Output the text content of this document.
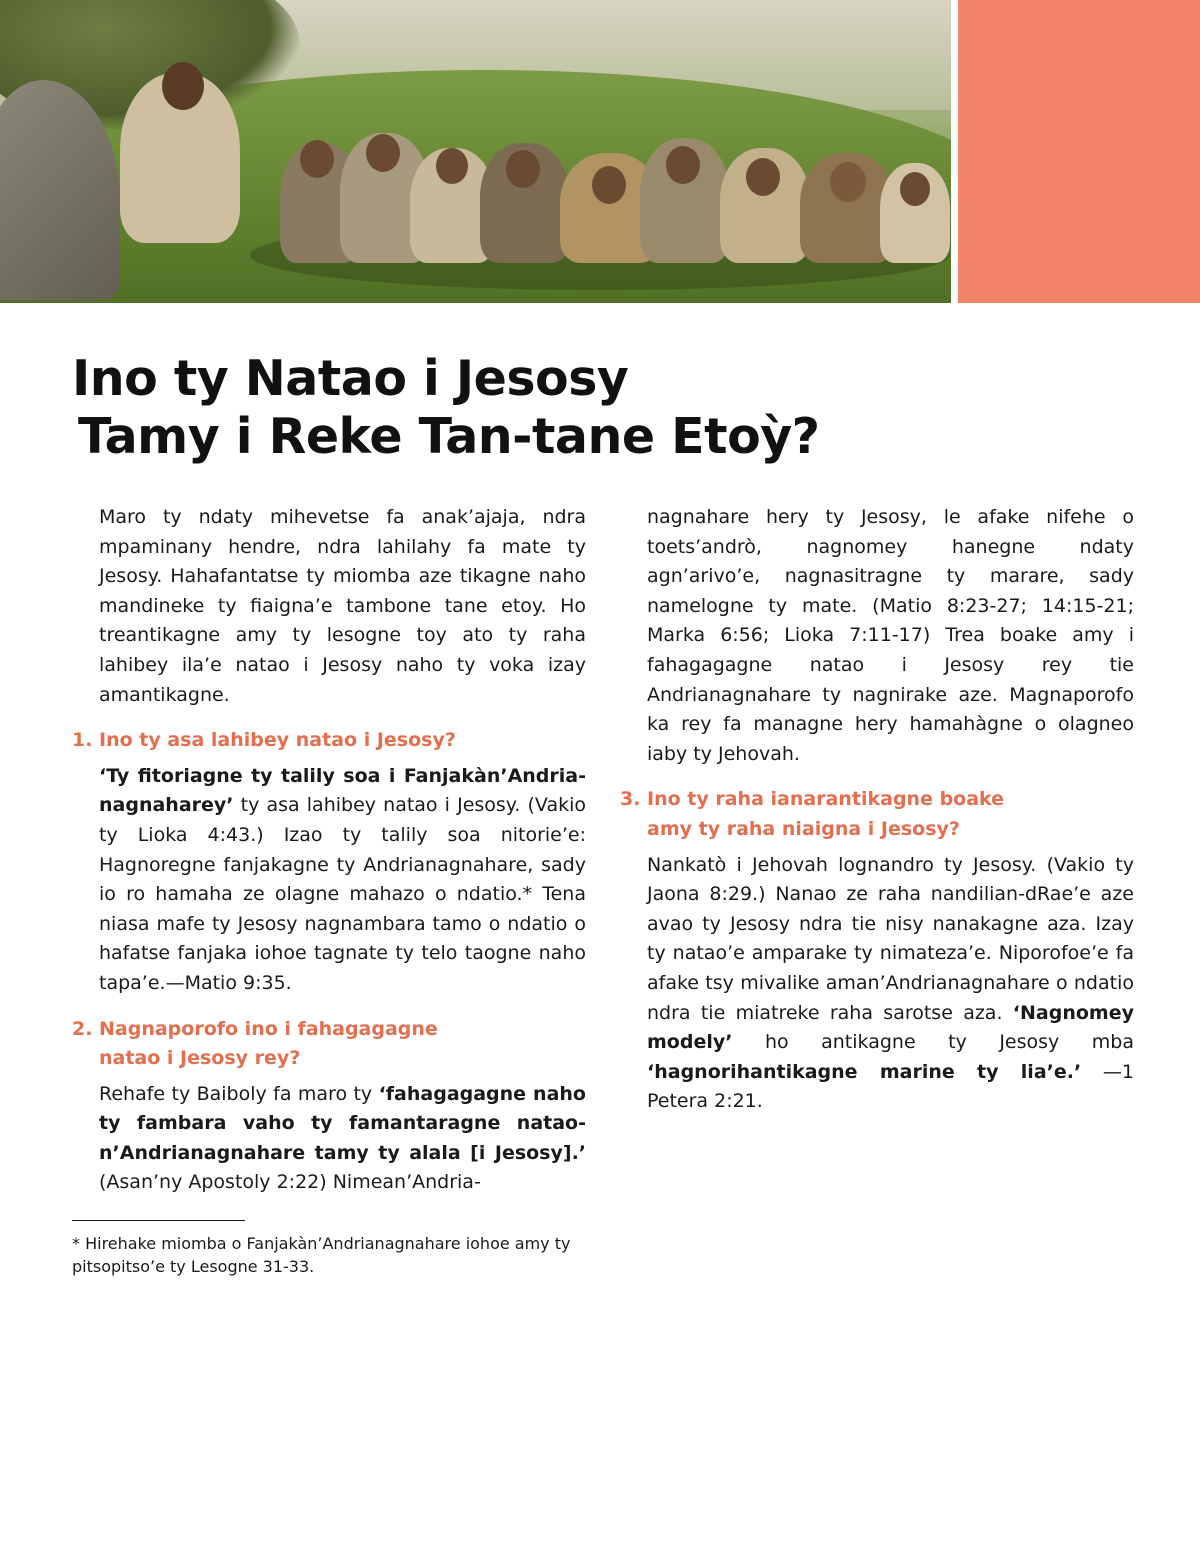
Ino ty Natao i Jesosy
Tamy i Reke Tan-tane Etoỳ?

Maro ty ndaty mihevetse fa anak’ajaja, ndra mpaminany hendre, ndra lahilahy fa mate ty Jesosy. Hahafantatse ty miomba aze tikagne naho mandineke ty fiaigna’e tambone tane etoy. Ho treantikagne amy ty lesogne toy ato ty raha lahibey ila’e natao i Jesosy naho ty voka izay amantikagne.

1. Ino ty asa lahibey natao i Jesosy?

‘Ty fitoriagne ty talily soa i Fanjakàn’Andrianagnaharey’ ty asa lahibey natao i Jesosy. (Vakio ty Lioka 4:43.) Izao ty talily soa nitorie’e: Hagnoregne fanjakagne ty Andrianagnahare, sady io ro hamaha ze olagne mahazo o ndatio.* Tena niasa mafe ty Jesosy nagnambara tamo o ndatio o hafatse fanjaka iohoe tagnate ty telo taogne naho tapa’e.—Matio 9:35.

2. Nagnaporofo ino i fahagagagne
natao i Jesosy rey?

Rehafe ty Baiboly fa maro ty ‘fahagagagne naho ty fambara vaho ty famantaragne nataon’Andrianagnahare tamy ty alala [i Jesosy].’ (Asan’ny Apostoly 2:22) Nimean’Andria-

nagnahare hery ty Jesosy, le afake nifehe o toets’andrò, nagnomey hanegne ndaty agn’arivo’e, nagnasitragne ty marare, sady namelogne ty mate. (Matio 8:23-27; 14:15-21; Marka 6:56; Lioka 7:11-17) Trea boake amy i fahagagagne natao i Jesosy rey tie Andrianagnahare ty nagnirake aze. Magnaporofo ka rey fa managne hery hamahàgne o olagneo iaby ty Jehovah.

3. Ino ty raha ianarantikagne boake
amy ty raha niaigna i Jesosy?

Nankatò i Jehovah lognandro ty Jesosy. (Vakio ty Jaona 8:29.) Nanao ze raha nandilian-dRae’e aze avao ty Jesosy ndra tie nisy nanakagne aza. Izay ty natao’e amparake ty nimateza’e. Niporofoe’e fa afake tsy mivalike aman’Andrianagnahare o ndatio ndra tie miatreke raha sarotse aza. ‘Nagnomey modely’ ho antikagne ty Jesosy mba ‘hagnorihantikagne marine ty lia’e.’ —1 Petera 2:21.

* Hirehake miomba o Fanjakàn’Andrianagnahare iohoe amy ty pitsopitso’e ty Lesogne 31-33.
